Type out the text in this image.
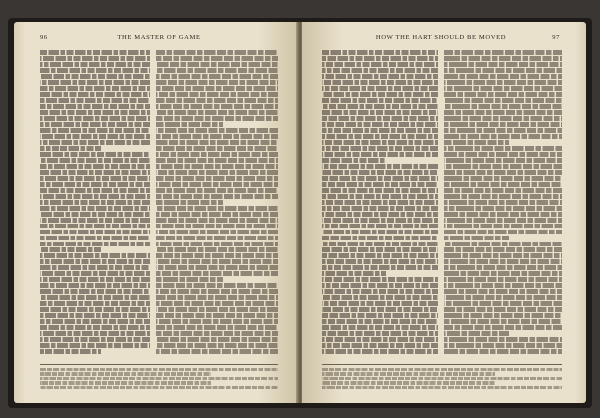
96	THE MASTER OF GAME	HOW THE HART SHOULD BE MOVED	97
